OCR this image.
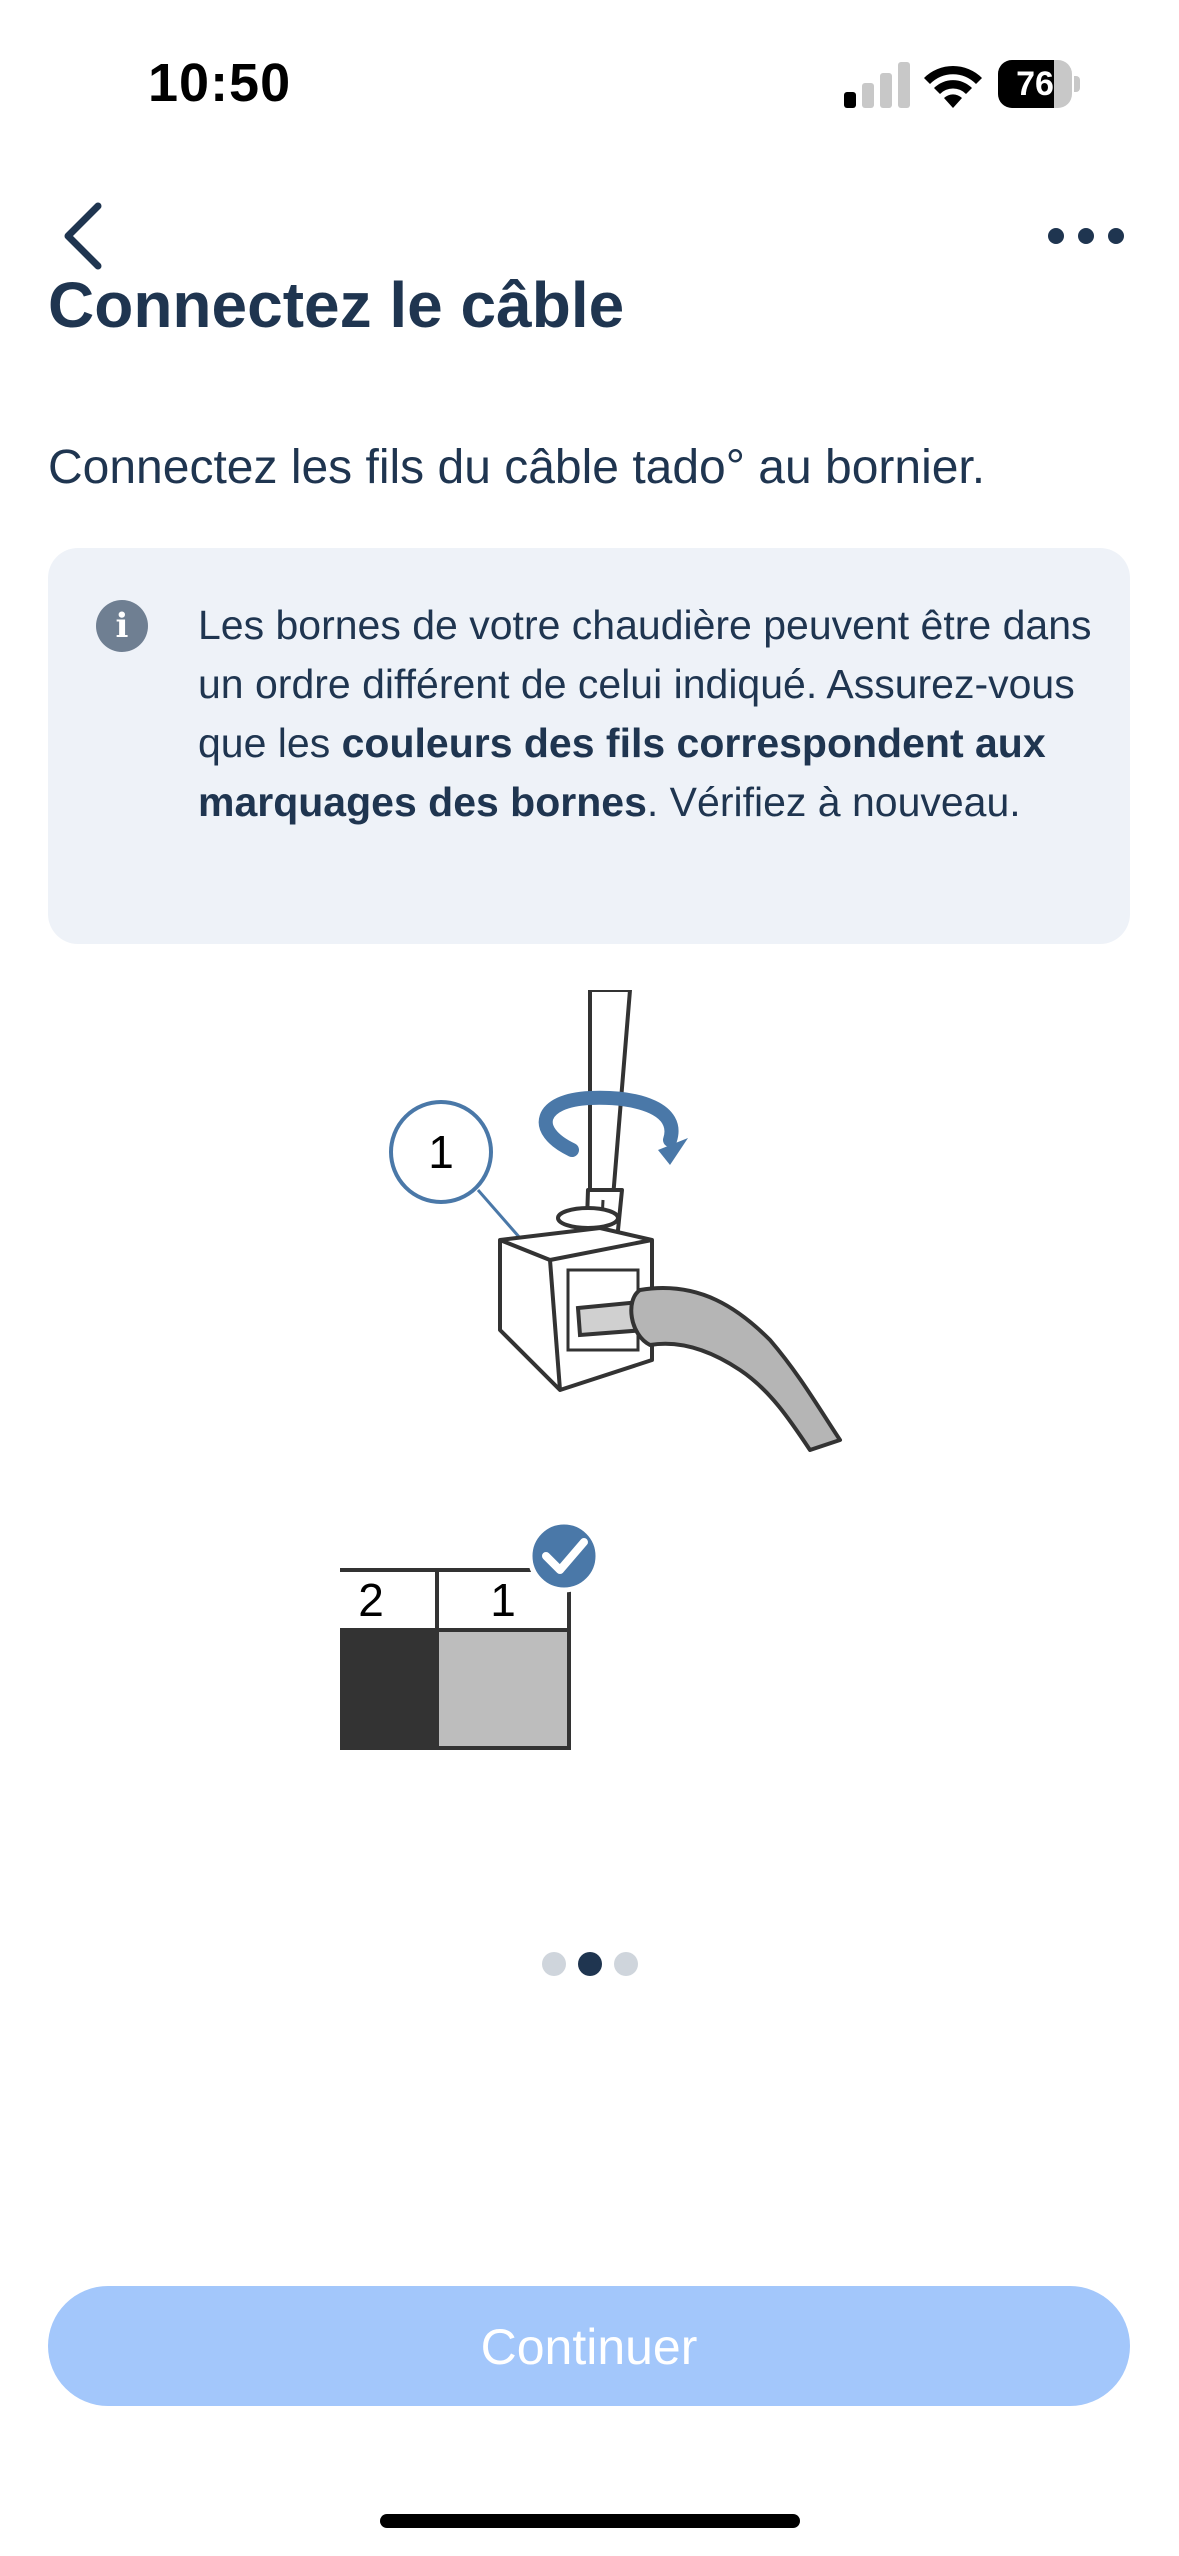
10:50	76
Connectez le câble
Connectez les fils du câble tado° au bornier.
i	Les bornes de votre chaudière peuvent être dans un ordre différent de celui indiqué. Assurez-vous que les couleurs des fils correspondent aux marquages des bornes. Vérifiez à nouveau.
1
2 1
Continuer
